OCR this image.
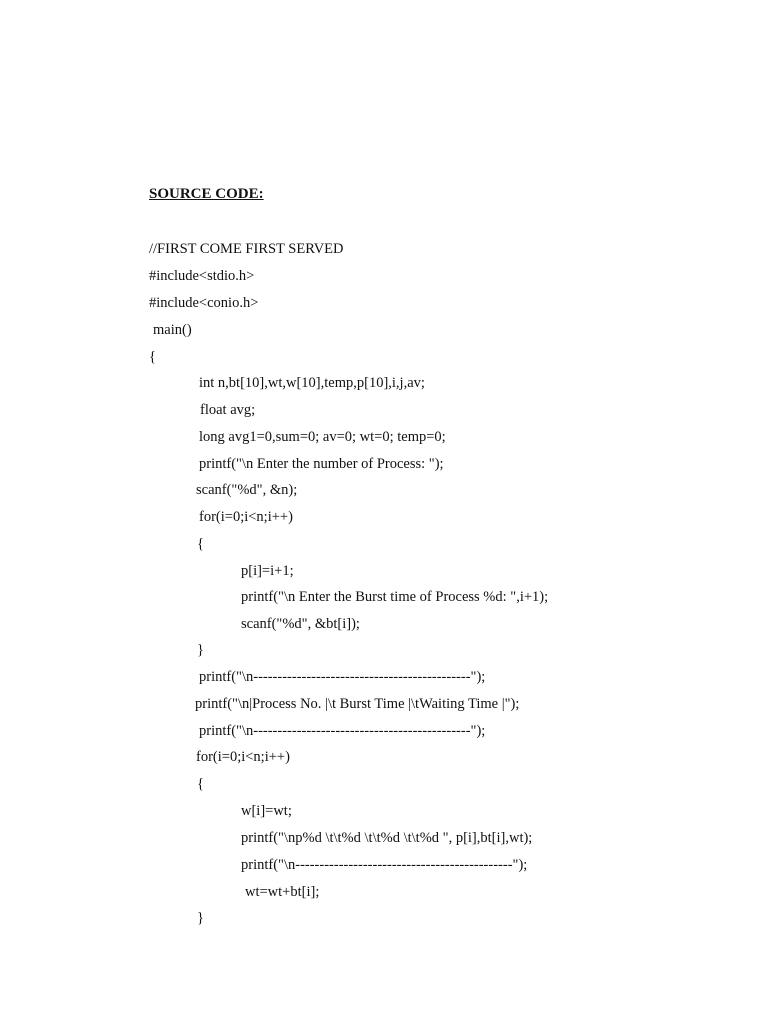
SOURCE CODE:
//FIRST COME FIRST SERVED
#include<stdio.h>
#include<conio.h>
main()
{
int n,bt[10],wt,w[10],temp,p[10],i,j,av;
float avg;
long avg1=0,sum=0; av=0; wt=0; temp=0;
printf("\n Enter the number of Process: ");
scanf("%d", &n);
for(i=0;i<n;i++)
{
p[i]=i+1;
printf("\n Enter the Burst time of Process %d: ",i+1);
scanf("%d", &bt[i]);
}
printf("\n---------------------------------------------");
printf("\n|Process No. |\t Burst Time |\tWaiting Time |");
printf("\n---------------------------------------------");
for(i=0;i<n;i++)
{
w[i]=wt;
printf("\np%d \t\t%d \t\t%d \t\t%d ", p[i],bt[i],wt);
printf("\n---------------------------------------------");
wt=wt+bt[i];
}
